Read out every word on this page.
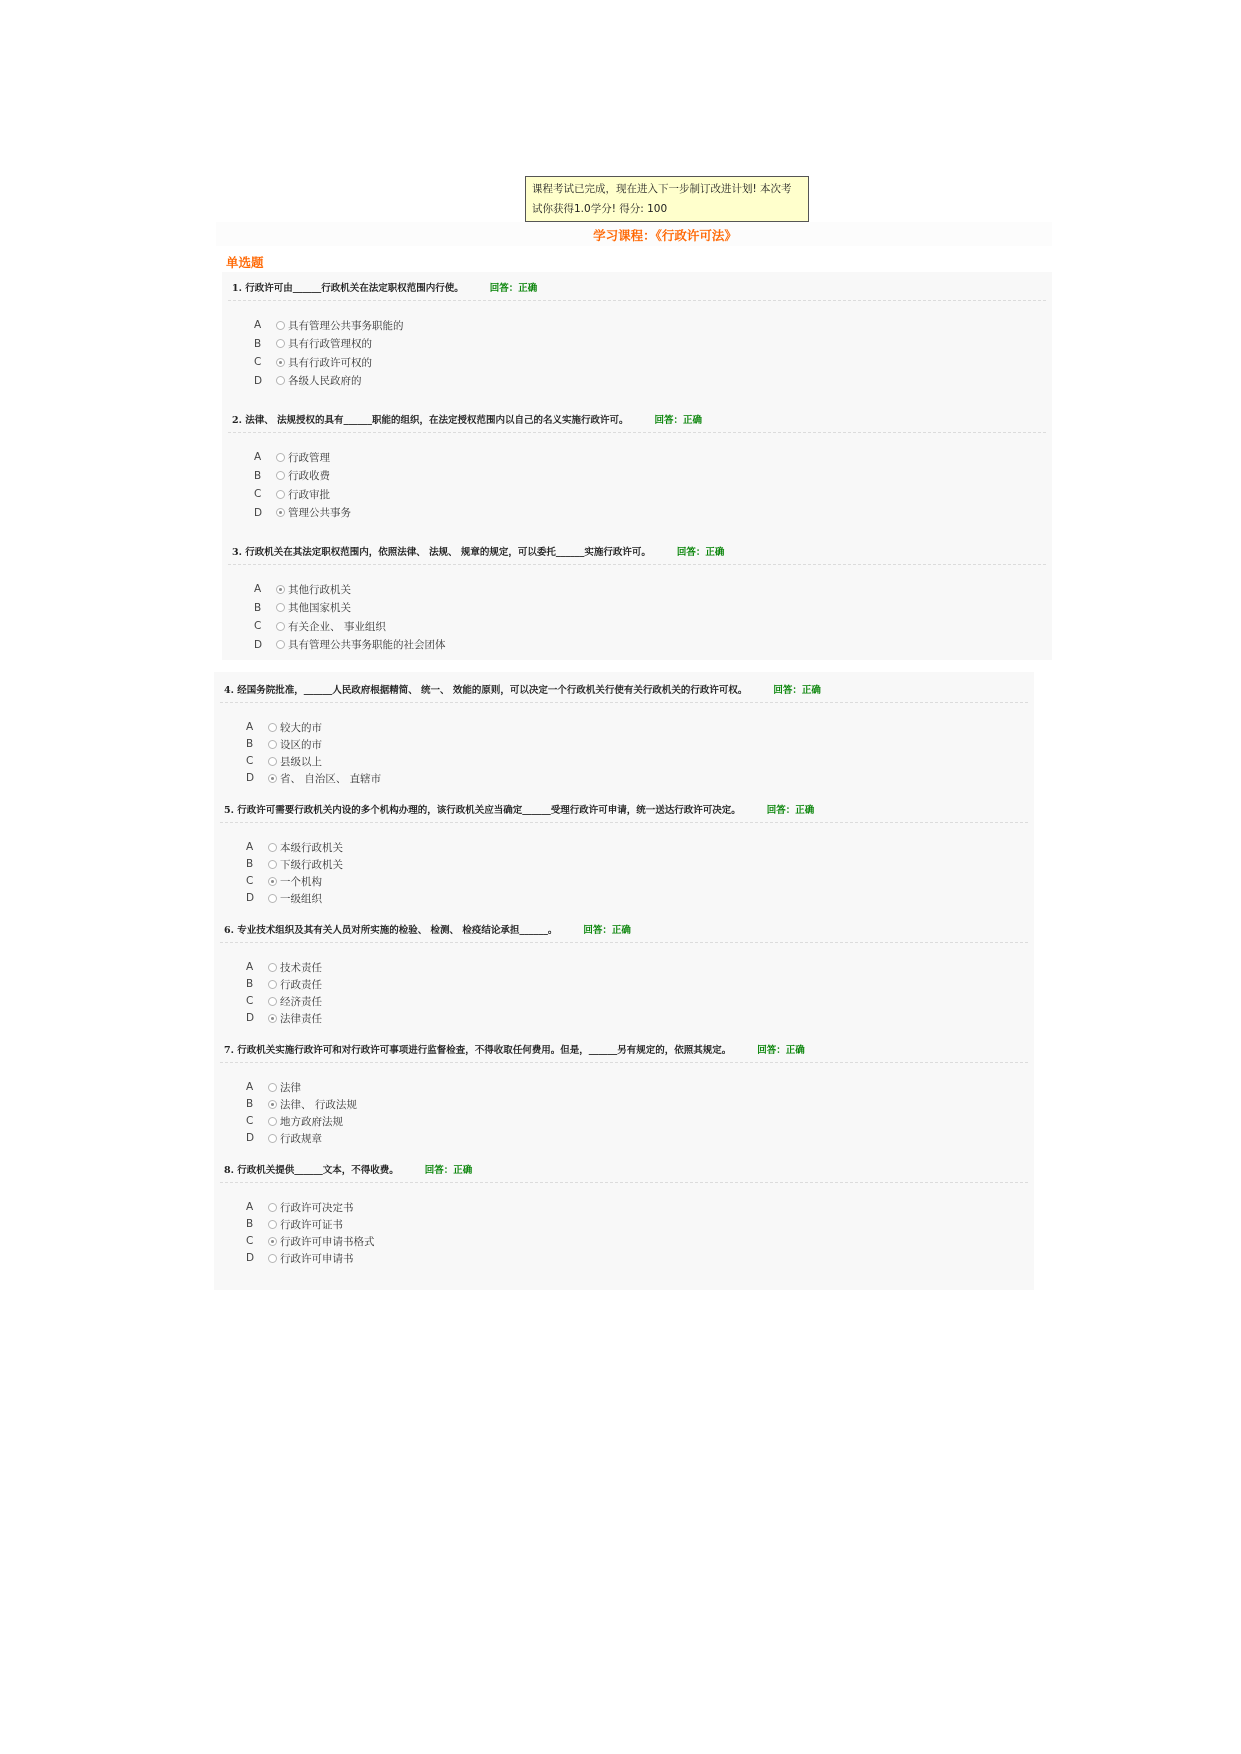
课程考试已完成，现在进入下一步制订改进计划! 本次考
试你获得1.0学分! 得分: 100
学习课程：《行政许可法》
单选题
1. 行政许可由______行政机关在法定职权范围内行使。	回答：正确
A	具有管理公共事务职能的
B	具有行政管理权的
C	具有行政许可权的
D	各级人民政府的
2. 法律、 法规授权的具有______职能的组织，在法定授权范围内以自己的名义实施行政许可。	回答：正确
A	行政管理
B	行政收费
C	行政审批
D	管理公共事务
3. 行政机关在其法定职权范围内，依照法律、 法规、 规章的规定，可以委托______实施行政许可。	回答：正确
A	其他行政机关
B	其他国家机关
C	有关企业、 事业组织
D	具有管理公共事务职能的社会团体
4. 经国务院批准，______人民政府根据精简、 统一、 效能的原则，可以决定一个行政机关行使有关行政机关的行政许可权。	回答：正确
A	较大的市
B	设区的市
C	县级以上
D	省、 自治区、 直辖市
5. 行政许可需要行政机关内设的多个机构办理的，该行政机关应当确定______受理行政许可申请，统一送达行政许可决定。	回答：正确
A	本级行政机关
B	下级行政机关
C	一个机构
D	一级组织
6. 专业技术组织及其有关人员对所实施的检验、 检测、 检疫结论承担______。	回答：正确
A	技术责任
B	行政责任
C	经济责任
D	法律责任
7. 行政机关实施行政许可和对行政许可事项进行监督检查，不得收取任何费用。但是，______另有规定的，依照其规定。	回答：正确
A	法律
B	法律、 行政法规
C	地方政府法规
D	行政规章
8. 行政机关提供______文本，不得收费。	回答：正确
A	行政许可决定书
B	行政许可证书
C	行政许可申请书格式
D	行政许可申请书
